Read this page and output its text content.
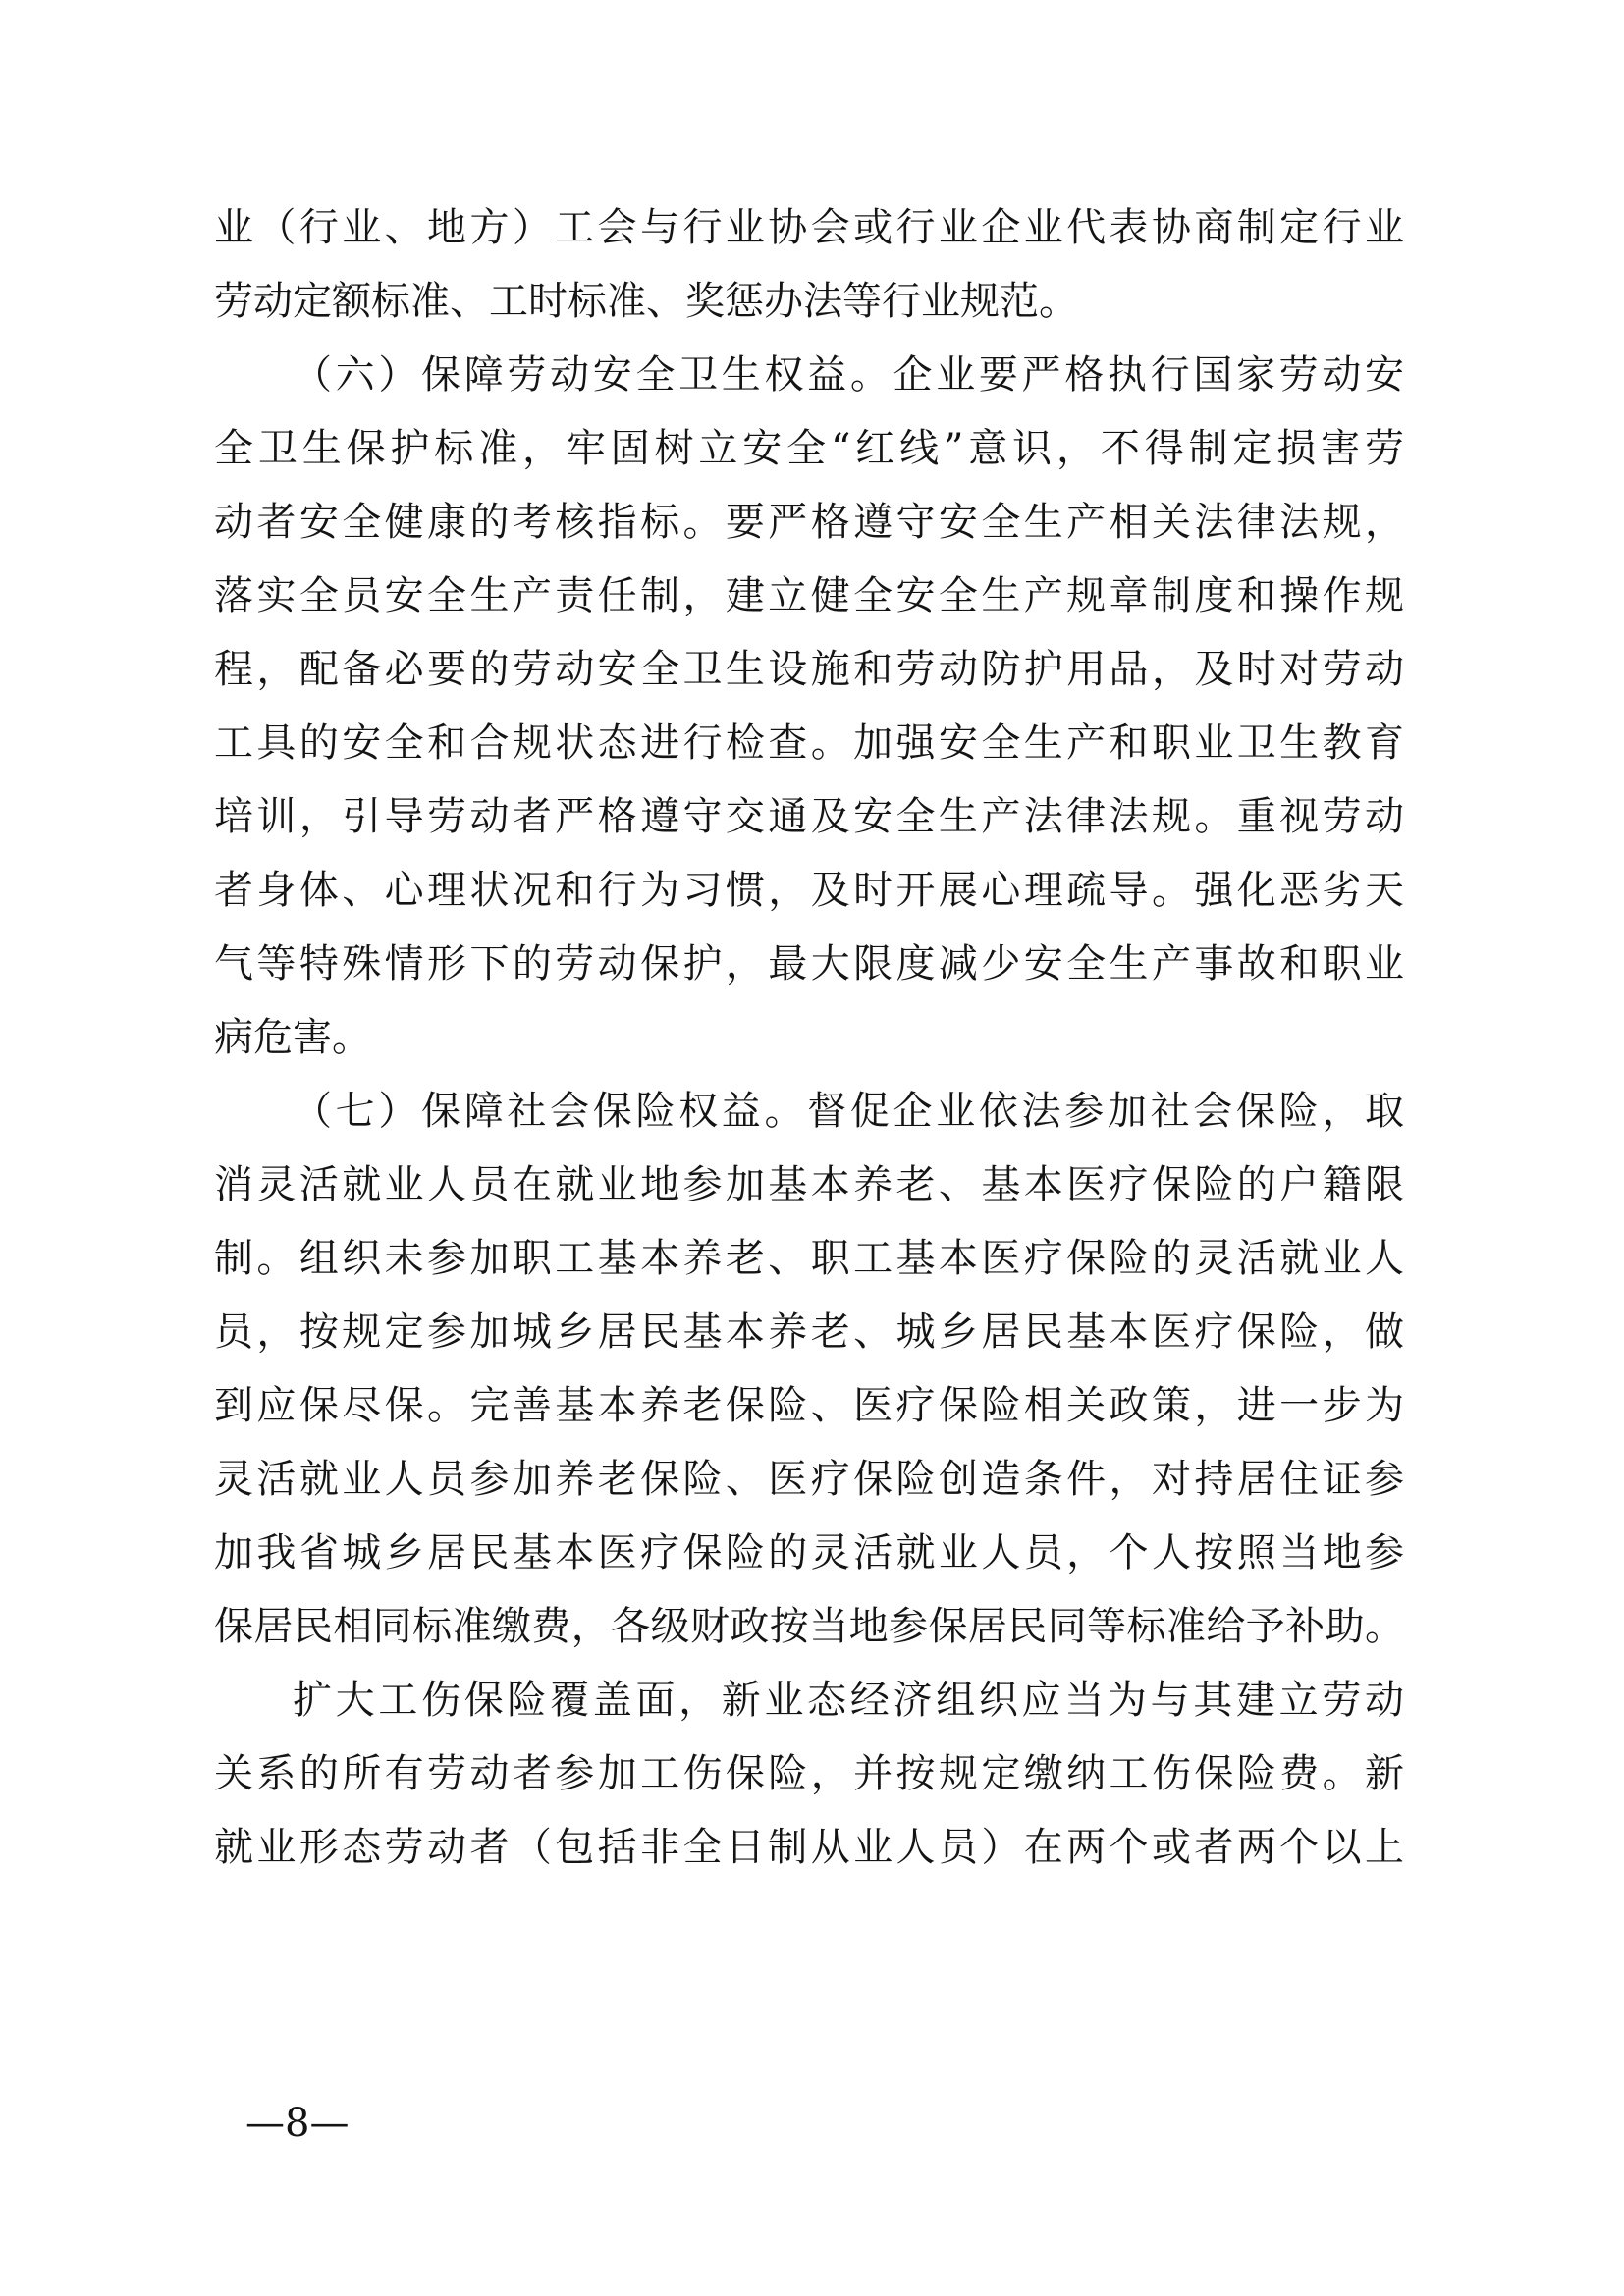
业（行业、地方）工会与行业协会或行业企业代表协商制定行业
劳动定额标准、工时标准、奖惩办法等行业规范。
（六）保障劳动安全卫生权益。企业要严格执行国家劳动安
全卫生保护标准，牢固树立安全“红线”意识，不得制定损害劳
动者安全健康的考核指标。要严格遵守安全生产相关法律法规，
落实全员安全生产责任制，建立健全安全生产规章制度和操作规
程，配备必要的劳动安全卫生设施和劳动防护用品，及时对劳动
工具的安全和合规状态进行检查。加强安全生产和职业卫生教育
培训，引导劳动者严格遵守交通及安全生产法律法规。重视劳动
者身体、心理状况和行为习惯，及时开展心理疏导。强化恶劣天
气等特殊情形下的劳动保护，最大限度减少安全生产事故和职业
病危害。
（七）保障社会保险权益。督促企业依法参加社会保险，取
消灵活就业人员在就业地参加基本养老、基本医疗保险的户籍限
制。组织未参加职工基本养老、职工基本医疗保险的灵活就业人
员，按规定参加城乡居民基本养老、城乡居民基本医疗保险，做
到应保尽保。完善基本养老保险、医疗保险相关政策，进一步为
灵活就业人员参加养老保险、医疗保险创造条件，对持居住证参
加我省城乡居民基本医疗保险的灵活就业人员，个人按照当地参
保居民相同标准缴费，各级财政按当地参保居民同等标准给予补助。
扩大工伤保险覆盖面，新业态经济组织应当为与其建立劳动
关系的所有劳动者参加工伤保险，并按规定缴纳工伤保险费。新
就业形态劳动者（包括非全日制从业人员）在两个或者两个以上
—8—
